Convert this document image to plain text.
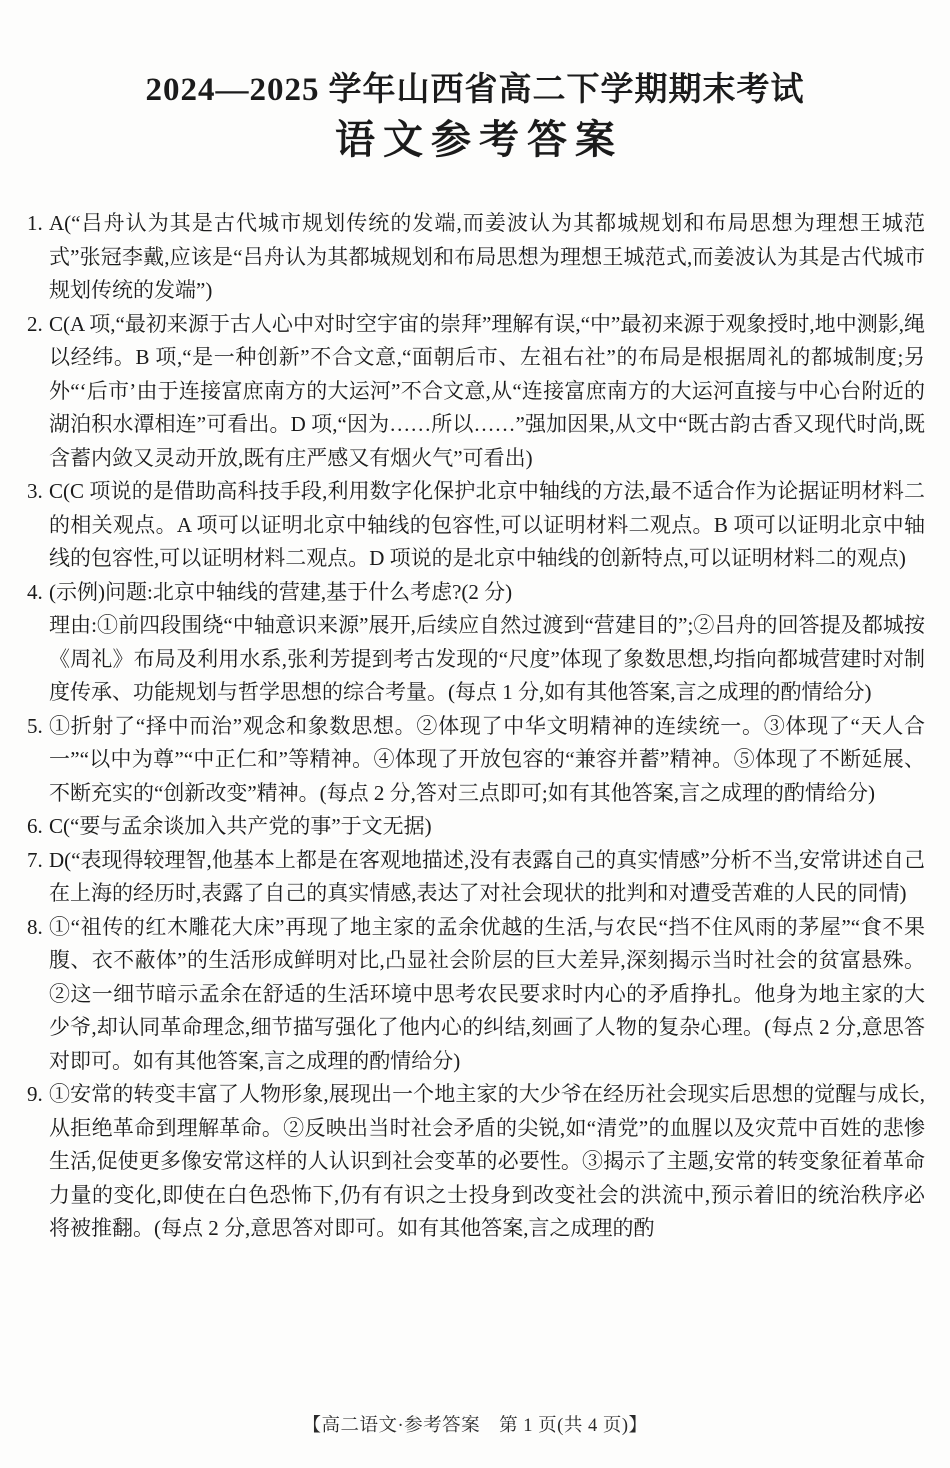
2024—2025 学年山西省高二下学期期末考试
语文参考答案
1. A(“吕舟认为其是古代城市规划传统的发端,而姜波认为其都城规划和布局思想为理想王城范式”张冠李戴,应该是“吕舟认为其都城规划和布局思想为理想王城范式,而姜波认为其是古代城市规划传统的发端”)

2. C(A 项,“最初来源于古人心中对时空宇宙的崇拜”理解有误,“中”最初来源于观象授时,地中测影,绳以经纬。B 项,“是一种创新”不合文意,“面朝后市、左祖右社”的布局是根据周礼的都城制度;另外“‘后市’由于连接富庶南方的大运河”不合文意,从“连接富庶南方的大运河直接与中心台附近的湖泊积水潭相连”可看出。D 项,“因为……所以……”强加因果,从文中“既古韵古香又现代时尚,既含蓄内敛又灵动开放,既有庄严感又有烟火气”可看出)

3. C(C 项说的是借助高科技手段,利用数字化保护北京中轴线的方法,最不适合作为论据证明材料二的相关观点。A 项可以证明北京中轴线的包容性,可以证明材料二观点。B 项可以证明北京中轴线的包容性,可以证明材料二观点。D 项说的是北京中轴线的创新特点,可以证明材料二的观点)

4. (示例)问题:北京中轴线的营建,基于什么考虑?(2 分)

理由:①前四段围绕“中轴意识来源”展开,后续应自然过渡到“营建目的”;②吕舟的回答提及都城按《周礼》布局及利用水系,张利芳提到考古发现的“尺度”体现了象数思想,均指向都城营建时对制度传承、功能规划与哲学思想的综合考量。(每点 1 分,如有其他答案,言之成理的酌情给分)

5. ①折射了“择中而治”观念和象数思想。②体现了中华文明精神的连续统一。③体现了“天人合一”“以中为尊”“中正仁和”等精神。④体现了开放包容的“兼容并蓄”精神。⑤体现了不断延展、不断充实的“创新改变”精神。(每点 2 分,答对三点即可;如有其他答案,言之成理的酌情给分)

6. C(“要与孟余谈加入共产党的事”于文无据)

7. D(“表现得较理智,他基本上都是在客观地描述,没有表露自己的真实情感”分析不当,安常讲述自己在上海的经历时,表露了自己的真实情感,表达了对社会现状的批判和对遭受苦难的人民的同情)

8. ①“祖传的红木雕花大床”再现了地主家的孟余优越的生活,与农民“挡不住风雨的茅屋”“食不果腹、衣不蔽体”的生活形成鲜明对比,凸显社会阶层的巨大差异,深刻揭示当时社会的贫富悬殊。②这一细节暗示孟余在舒适的生活环境中思考农民要求时内心的矛盾挣扎。他身为地主家的大少爷,却认同革命理念,细节描写强化了他内心的纠结,刻画了人物的复杂心理。(每点 2 分,意思答对即可。如有其他答案,言之成理的酌情给分)

9. ①安常的转变丰富了人物形象,展现出一个地主家的大少爷在经历社会现实后思想的觉醒与成长,从拒绝革命到理解革命。②反映出当时社会矛盾的尖锐,如“清党”的血腥以及灾荒中百姓的悲惨生活,促使更多像安常这样的人认识到社会变革的必要性。③揭示了主题,安常的转变象征着革命力量的变化,即使在白色恐怖下,仍有有识之士投身到改变社会的洪流中,预示着旧的统治秩序必将被推翻。(每点 2 分,意思答对即可。如有其他答案,言之成理的酌

【高二语文·参考答案　第 1 页(共 4 页)】
